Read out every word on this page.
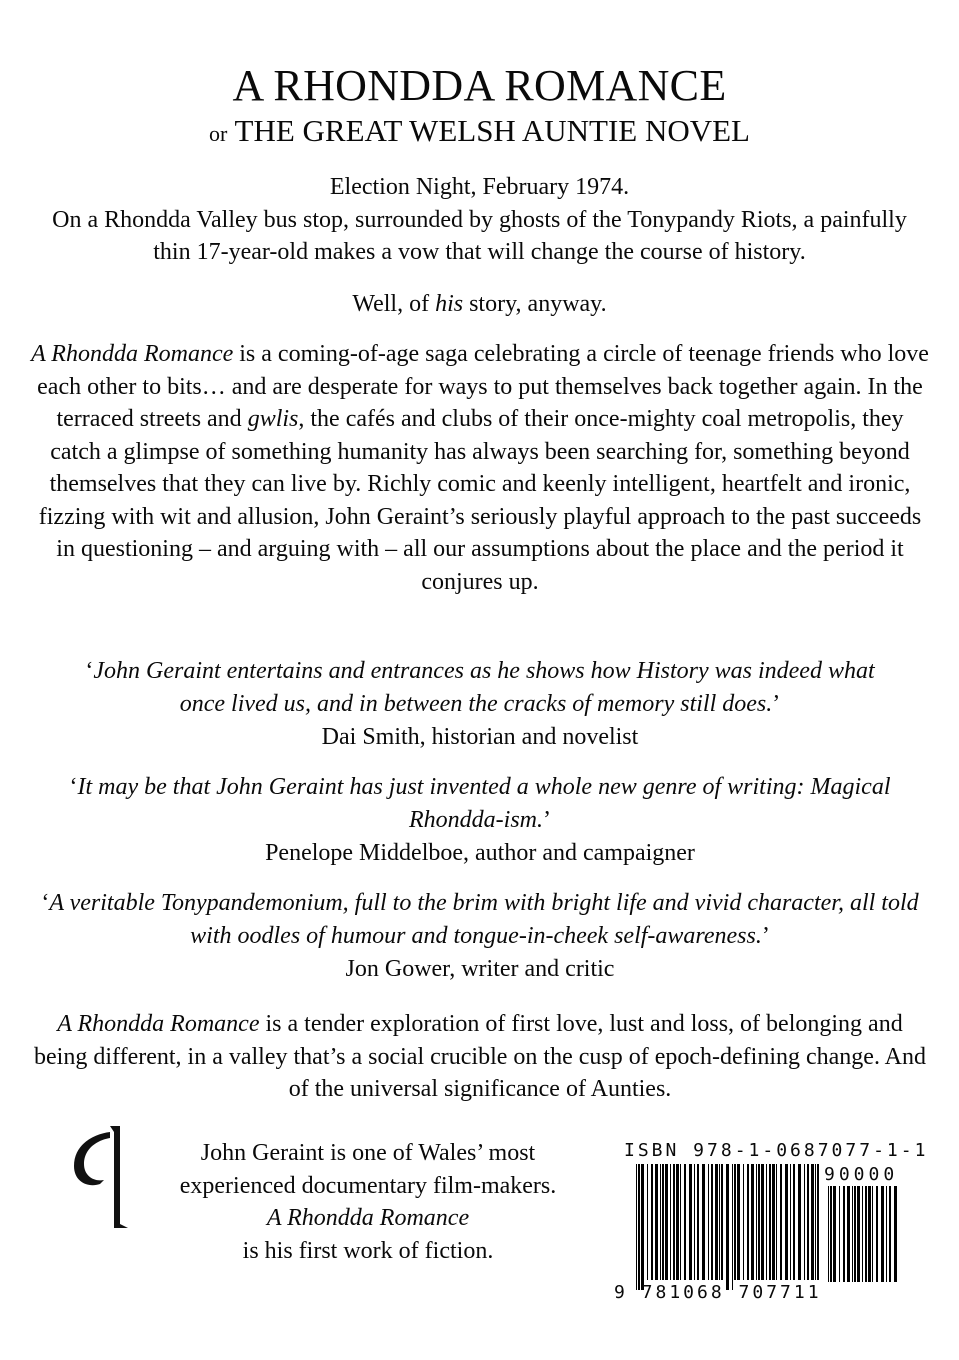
A RHONDDA ROMANCE
or THE GREAT WELSH AUNTIE NOVEL
Election Night, February 1974.
On a Rhondda Valley bus stop, surrounded by ghosts of the Tonypandy Riots, a painfully thin 17-year-old makes a vow that will change the course of history.
Well, of his story, anyway.
A Rhondda Romance is a coming-of-age saga celebrating a circle of teenage friends who love each other to bits… and are desperate for ways to put themselves back together again. In the terraced streets and gwlis, the cafés and clubs of their once-mighty coal metropolis, they catch a glimpse of something humanity has always been searching for, something beyond themselves that they can live by. Richly comic and keenly intelligent, heartfelt and ironic, fizzing with wit and allusion, John Geraint’s seriously playful approach to the past succeeds in questioning – and arguing with – all our assumptions about the place and the period it conjures up.
‘John Geraint entertains and entrances as he shows how History was indeed what once lived us, and in between the cracks of memory still does.’
Dai Smith, historian and novelist
‘It may be that John Geraint has just invented a whole new genre of writing: Magical Rhondda-ism.’
Penelope Middelboe, author and campaigner
‘A veritable Tonypandemonium, full to the brim with bright life and vivid character, all told with oodles of humour and tongue-in-cheek self-awareness.’
Jon Gower, writer and critic
A Rhondda Romance is a tender exploration of first love, lust and loss, of belonging and being different, in a valley that’s a social crucible on the cusp of epoch-defining change. And of the universal significance of Aunties.
John Geraint is one of Wales’ most experienced documentary film-makers.
A Rhondda Romance
is his first work of fiction.
ISBN 978-1-0687077-1-1
90000
9 781068 707711
